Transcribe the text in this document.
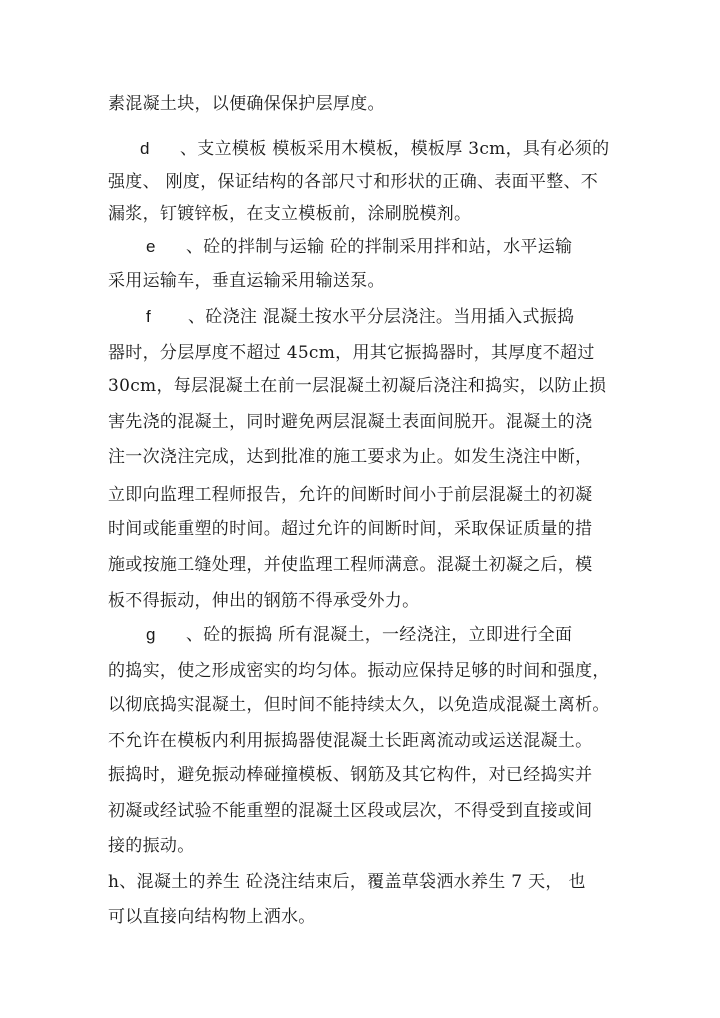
素混凝土块，以便确保保护层厚度。
d 、支立模板 模板采用木模板，模板厚 3cm，具有必须的
强度、 刚度，保证结构的各部尺寸和形状的正确、表面平整、不
漏浆，钉镀锌板，在支立模板前，涂刷脱模剂。
e 、砼的拌制与运输 砼的拌制采用拌和站，水平运输
采用运输车，垂直运输采用输送泵。
f 、砼浇注 混凝土按水平分层浇注。当用插入式振捣
器时，分层厚度不超过 45cm，用其它振捣器时，其厚度不超过
30cm，每层混凝土在前一层混凝土初凝后浇注和捣实，以防止损
害先浇的混凝土，同时避免两层混凝土表面间脱开。混凝土的浇
注一次浇注完成，达到批准的施工要求为止。如发生浇注中断，
立即向监理工程师报告，允许的间断时间小于前层混凝土的初凝
时间或能重塑的时间。超过允许的间断时间，采取保证质量的措
施或按施工缝处理，并使监理工程师满意。混凝土初凝之后，模
板不得振动，伸出的钢筋不得承受外力。
g 、砼的振捣 所有混凝土，一经浇注，立即进行全面
的捣实，使之形成密实的均匀体。振动应保持足够的时间和强度，
以彻底捣实混凝土，但时间不能持续太久，以免造成混凝土离析。
不允许在模板内利用振捣器使混凝土长距离流动或运送混凝土。
振捣时，避免振动棒碰撞模板、钢筋及其它构件，对已经捣实并
初凝或经试验不能重塑的混凝土区段或层次，不得受到直接或间
接的振动。
h、混凝土的养生 砼浇注结束后，覆盖草袋洒水养生 7 天， 也
可以直接向结构物上洒水。
